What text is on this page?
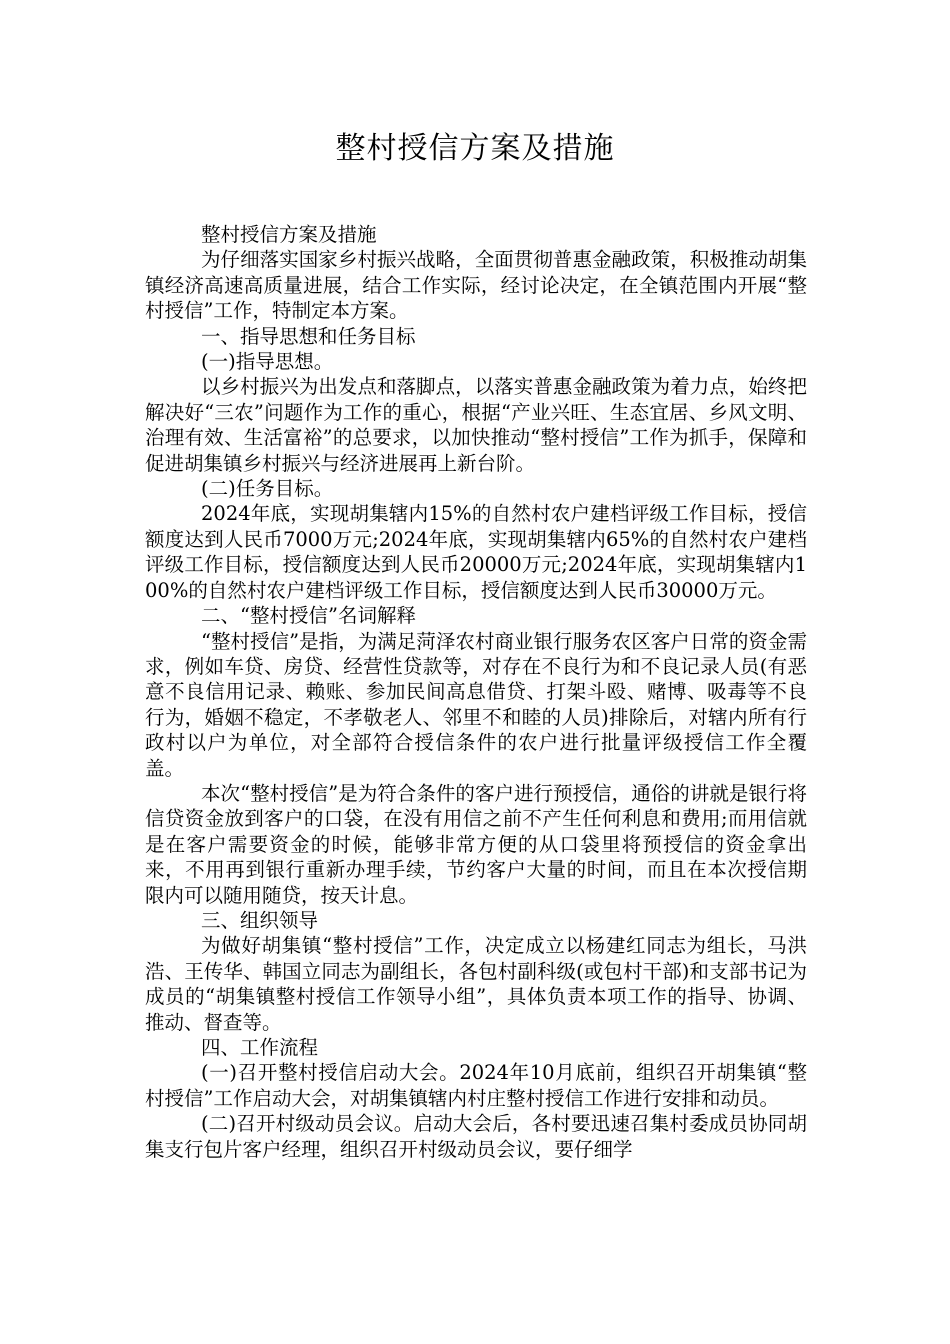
整村授信方案及措施

整村授信方案及措施

为仔细落实国家乡村振兴战略，全面贯彻普惠金融政策，积极推动胡集镇经济高速高质量进展，结合工作实际，经讨论决定，在全镇范围内开展“整村授信”工作，特制定本方案。

一、指导思想和任务目标

(一)指导思想。

以乡村振兴为出发点和落脚点，以落实普惠金融政策为着力点，始终把解决好“三农”问题作为工作的重心，根据“产业兴旺、生态宜居、乡风文明、治理有效、生活富裕”的总要求，以加快推动“整村授信”工作为抓手，保障和促进胡集镇乡村振兴与经济进展再上新台阶。

(二)任务目标。

2024年底，实现胡集辖内15%的自然村农户建档评级工作目标，授信额度达到人民币7000万元;2024年底，实现胡集辖内65%的自然村农户建档评级工作目标，授信额度达到人民币20000万元;2024年底，实现胡集辖内100%的自然村农户建档评级工作目标，授信额度达到人民币30000万元。

二、“整村授信”名词解释

“整村授信”是指，为满足菏泽农村商业银行服务农区客户日常的资金需求，例如车贷、房贷、经营性贷款等，对存在不良行为和不良记录人员(有恶意不良信用记录、赖账、参加民间高息借贷、打架斗殴、赌博、吸毒等不良行为，婚姻不稳定，不孝敬老人、邻里不和睦的人员)排除后，对辖内所有行政村以户为单位，对全部符合授信条件的农户进行批量评级授信工作全覆盖。

本次“整村授信”是为符合条件的客户进行预授信，通俗的讲就是银行将信贷资金放到客户的口袋，在没有用信之前不产生任何利息和费用;而用信就是在客户需要资金的时候，能够非常方便的从口袋里将预授信的资金拿出来，不用再到银行重新办理手续，节约客户大量的时间，而且在本次授信期限内可以随用随贷，按天计息。

三、组织领导

为做好胡集镇“整村授信”工作，决定成立以杨建红同志为组长，马洪浩、王传华、韩国立同志为副组长，各包村副科级(或包村干部)和支部书记为成员的“胡集镇整村授信工作领导小组”，具体负责本项工作的指导、协调、推动、督查等。

四、工作流程

(一)召开整村授信启动大会。2024年10月底前，组织召开胡集镇“整村授信”工作启动大会，对胡集镇辖内村庄整村授信工作进行安排和动员。

(二)召开村级动员会议。启动大会后，各村要迅速召集村委成员协同胡集支行包片客户经理，组织召开村级动员会议，要仔细学
